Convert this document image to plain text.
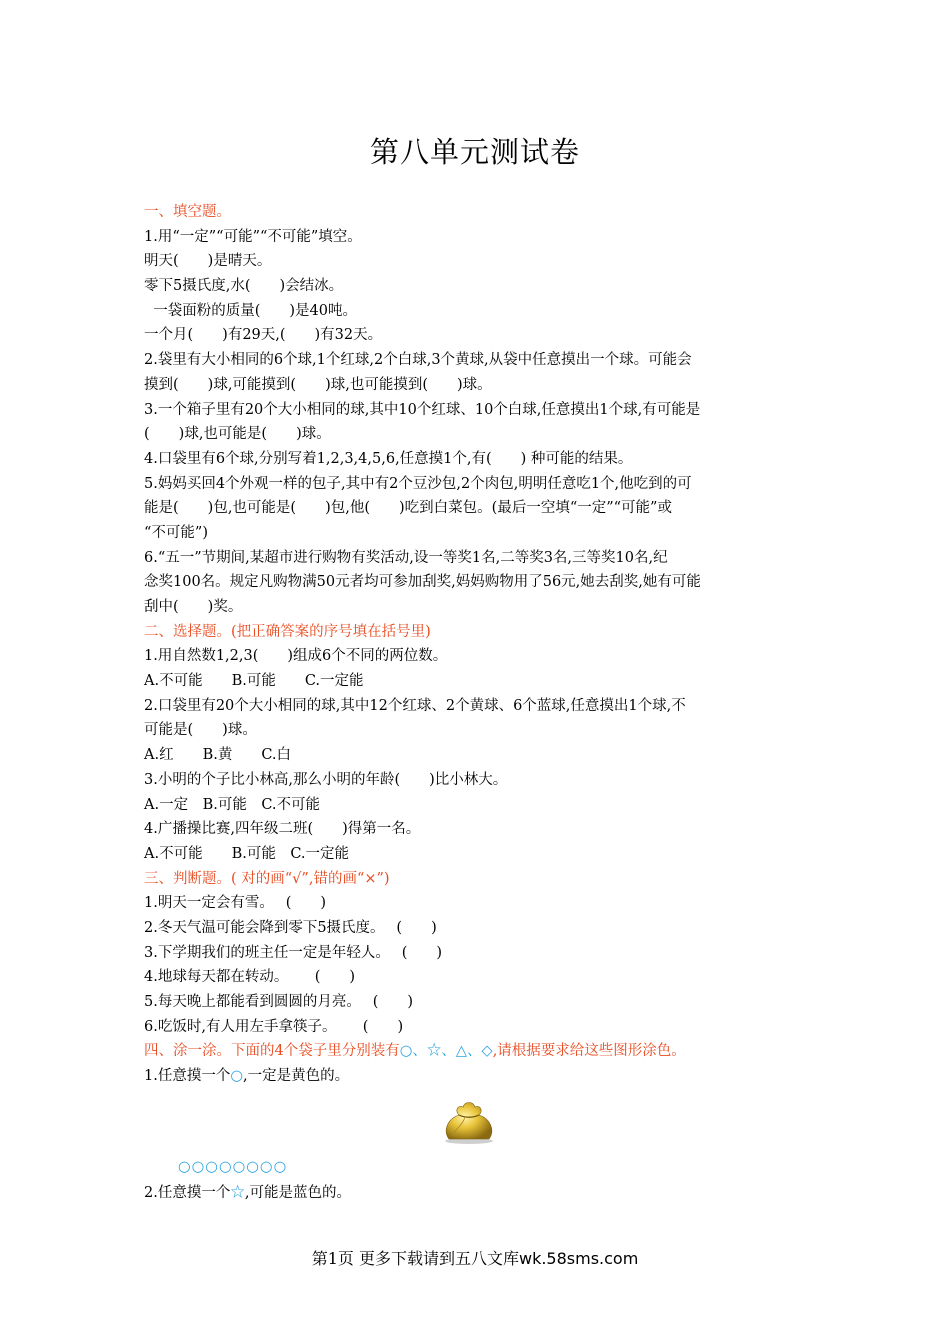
第八单元测试卷
一、填空题。
1.用“一定”“可能”“不可能”填空。
明天(　　)是晴天。
零下5摄氏度,水(　　)会结冰。
一袋面粉的质量(　　)是40吨。
一个月(　　)有29天,(　　)有32天。
2.袋里有大小相同的6个球,1个红球,2个白球,3个黄球,从袋中任意摸出一个球。可能会
摸到(　　)球,可能摸到(　　)球,也可能摸到(　　)球。
3.一个箱子里有20个大小相同的球,其中10个红球、10个白球,任意摸出1个球,有可能是
(　　)球,也可能是(　　)球。
4.口袋里有6个球,分别写着1,2,3,4,5,6,任意摸1个,有(　　) 种可能的结果。
5.妈妈买回4个外观一样的包子,其中有2个豆沙包,2个肉包,明明任意吃1个,他吃到的可
能是(　　)包,也可能是(　　)包,他(　　)吃到白菜包。(最后一空填“一定”“可能”或
“不可能”)
6.“五一”节期间,某超市进行购物有奖活动,设一等奖1名,二等奖3名,三等奖10名,纪
念奖100名。规定凡购物满50元者均可参加刮奖,妈妈购物用了56元,她去刮奖,她有可能
刮中(　　)奖。
二、选择题。(把正确答案的序号填在括号里)
1.用自然数1,2,3(　　)组成6个不同的两位数。
A.不可能　　B.可能　　C.一定能
2.口袋里有20个大小相同的球,其中12个红球、2个黄球、6个蓝球,任意摸出1个球,不
可能是(　　)球。
A.红　　B.黄　　C.白
3.小明的个子比小林高,那么小明的年龄(　　)比小林大。
A.一定　B.可能　C.不可能
4.广播操比赛,四年级二班(　　)得第一名。
A.不可能　　B.可能　C.一定能
三、判断题。( 对的画“√”,错的画“×”)
1.明天一定会有雪。　 (　　)
2.冬天气温可能会降到零下5摄氏度。　 (　　)
3.下学期我们的班主任一定是年轻人。　 (　　)
4.地球每天都在转动。　　 (　　)
5.每天晚上都能看到圆圆的月亮。　 (　　)
6.吃饭时,有人用左手拿筷子。　　 (　　)
四、涂一涂。下面的4个袋子里分别装有○、☆、△、◇,请根据要求给这些图形涂色。
1.任意摸一个○,一定是黄色的。
○○○○○○○○
2.任意摸一个☆,可能是蓝色的。
第1页 更多下载请到五八文库wk.58sms.com
